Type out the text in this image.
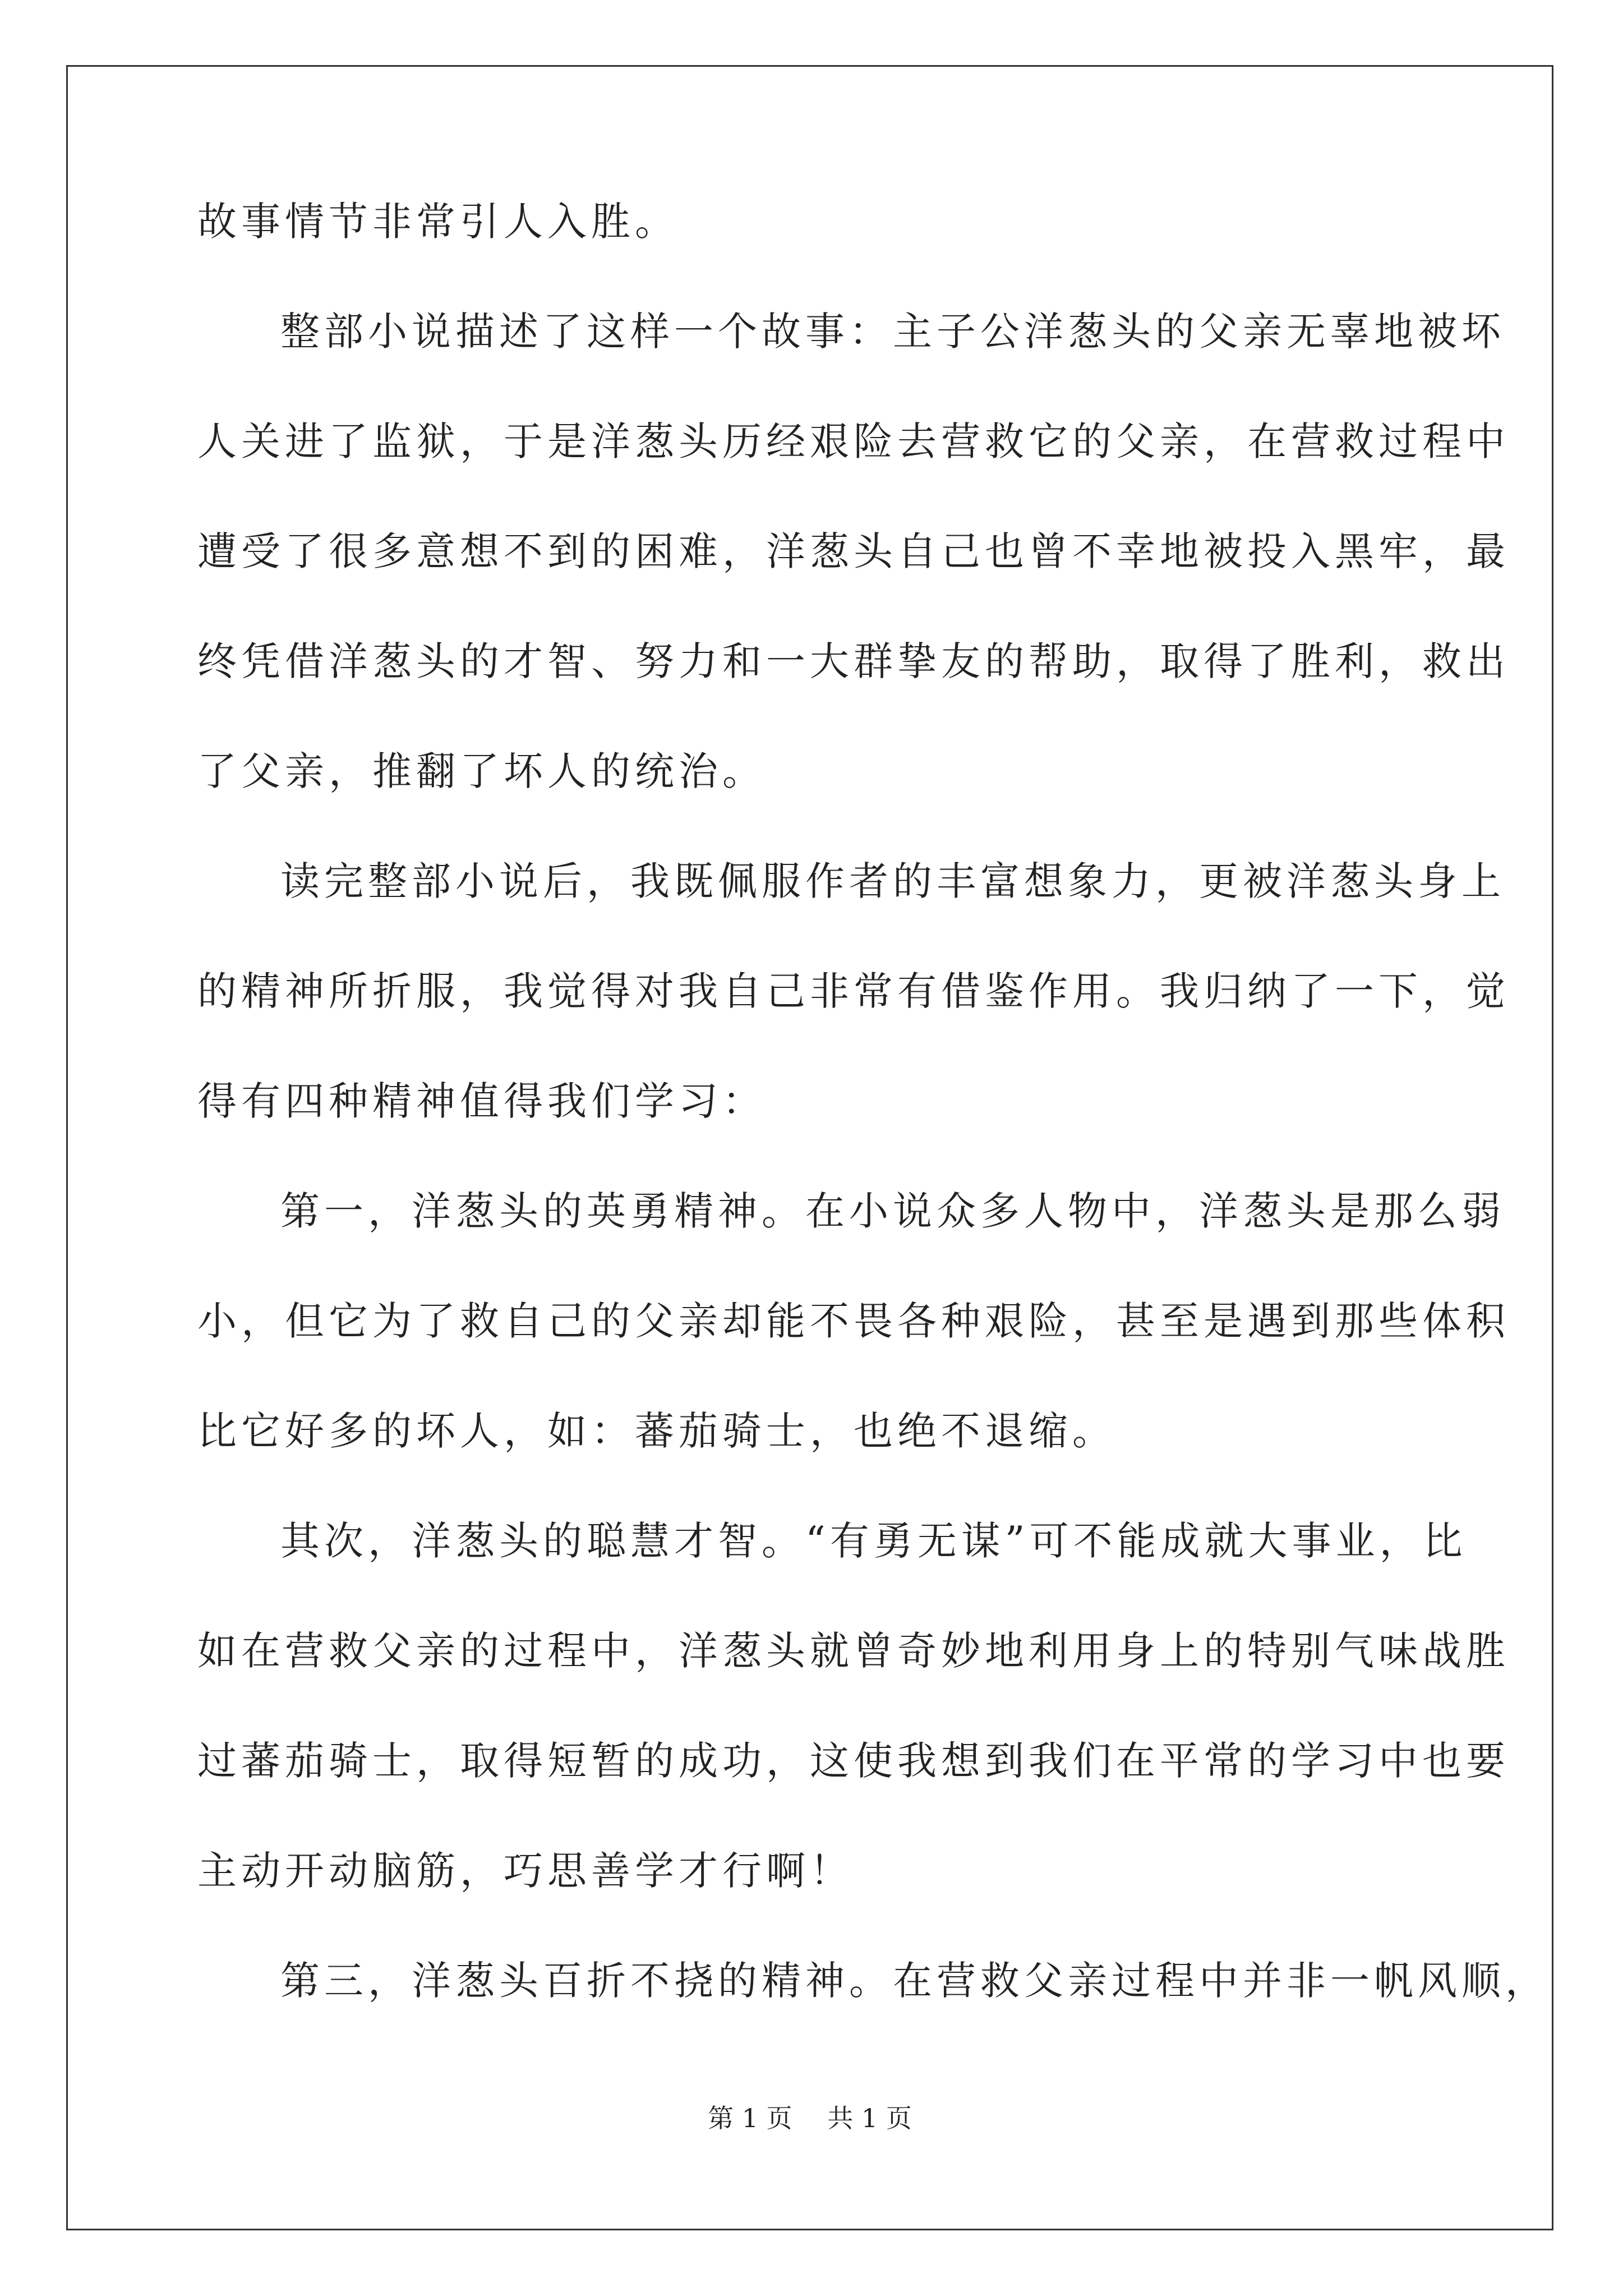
故事情节非常引人入胜。
整部小说描述了这样一个故事：主子公洋葱头的父亲无辜地被坏
人关进了监狱，于是洋葱头历经艰险去营救它的父亲，在营救过程中
遭受了很多意想不到的困难，洋葱头自己也曾不幸地被投入黑牢，最
终凭借洋葱头的才智、努力和一大群挚友的帮助，取得了胜利，救出
了父亲，推翻了坏人的统治。
读完整部小说后，我既佩服作者的丰富想象力，更被洋葱头身上
的精神所折服，我觉得对我自己非常有借鉴作用。我归纳了一下，觉
得有四种精神值得我们学习：
第一，洋葱头的英勇精神。在小说众多人物中，洋葱头是那么弱
小，但它为了救自己的父亲却能不畏各种艰险，甚至是遇到那些体积
比它好多的坏人，如：蕃茄骑士，也绝不退缩。
其次，洋葱头的聪慧才智。“有勇无谋”可不能成就大事业，比
如在营救父亲的过程中，洋葱头就曾奇妙地利用身上的特别气味战胜
过蕃茄骑士，取得短暂的成功，这使我想到我们在平常的学习中也要
主动开动脑筋，巧思善学才行啊！
第三，洋葱头百折不挠的精神。在营救父亲过程中并非一帆风顺，
第 1 页 共 1 页
